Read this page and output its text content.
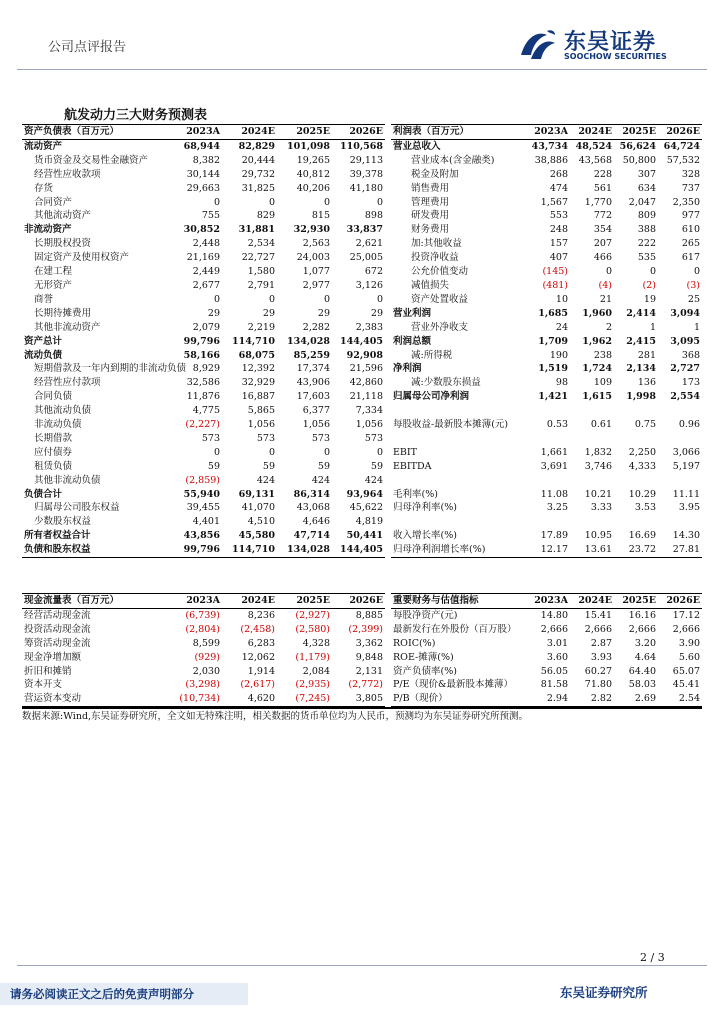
公司点评报告	东吴证券
SOOCHOW SECURITIES
航发动力三大财务预测表
资产负债表（百万元）	2023A	2024E	2025E	2026E
流动资产	68,944	82,829	101,098	110,568
货币资金及交易性金融资产	8,382	20,444	19,265	29,113
经营性应收款项	30,144	29,732	40,812	39,378
存货	29,663	31,825	40,206	41,180
合同资产	0	0	0	0
其他流动资产	755	829	815	898
非流动资产	30,852	31,881	32,930	33,837
长期股权投资	2,448	2,534	2,563	2,621
固定资产及使用权资产	21,169	22,727	24,003	25,005
在建工程	2,449	1,580	1,077	672
无形资产	2,677	2,791	2,977	3,126
商誉	0	0	0	0
长期待摊费用	29	29	29	29
其他非流动资产	2,079	2,219	2,282	2,383
资产总计	99,796	114,710	134,028	144,405
流动负债	58,166	68,075	85,259	92,908
短期借款及一年内到期的非流动负债	8,929	12,392	17,374	21,596
经营性应付款项	32,586	32,929	43,906	42,860
合同负债	11,876	16,887	17,603	21,118
其他流动负债	4,775	5,865	6,377	7,334
非流动负债	(2,227)	1,056	1,056	1,056
长期借款	573	573	573	573
应付债券	0	0	0	0
租赁负债	59	59	59	59
其他非流动负债	(2,859)	424	424	424
负债合计	55,940	69,131	86,314	93,964
归属母公司股东权益	39,455	41,070	43,068	45,622
少数股东权益	4,401	4,510	4,646	4,819
所有者权益合计	43,856	45,580	47,714	50,441
负债和股东权益	99,796	114,710	134,028	144,405
利润表（百万元）	2023A	2024E	2025E	2026E
营业总收入	43,734	48,524	56,624	64,724
营业成本(含金融类)	38,886	43,568	50,800	57,532
税金及附加	268	228	307	328
销售费用	474	561	634	737
管理费用	1,567	1,770	2,047	2,350
研发费用	553	772	809	977
财务费用	248	354	388	610
加:其他收益	157	207	222	265
投资净收益	407	466	535	617
公允价值变动	(145)	0	0	0
减值损失	(481)	(4)	(2)	(3)
资产处置收益	10	21	19	25
营业利润	1,685	1,960	2,414	3,094
营业外净收支	24	2	1	1
利润总额	1,709	1,962	2,415	3,095
减:所得税	190	238	281	368
净利润	1,519	1,724	2,134	2,727
减:少数股东损益	98	109	136	173
归属母公司净利润	1,421	1,615	1,998	2,554

每股收益-最新股本摊薄(元)	0.53	0.61	0.75	0.96

EBIT	1,661	1,832	2,250	3,066
EBITDA	3,691	3,746	4,333	5,197

毛利率(%)	11.08	10.21	10.29	11.11
归母净利率(%)	3.25	3.33	3.53	3.95

收入增长率(%)	17.89	10.95	16.69	14.30
归母净利润增长率(%)	12.17	13.61	23.72	27.81
现金流量表（百万元）	2023A	2024E	2025E	2026E
经营活动现金流	(6,739)	8,236	(2,927)	8,885
投资活动现金流	(2,804)	(2,458)	(2,580)	(2,399)
筹资活动现金流	8,599	6,283	4,328	3,362
现金净增加额	(929)	12,062	(1,179)	9,848
折旧和摊销	2,030	1,914	2,084	2,131
资本开支	(3,298)	(2,617)	(2,935)	(2,772)
营运资本变动	(10,734)	4,620	(7,245)	3,805
重要财务与估值指标	2023A	2024E	2025E	2026E
每股净资产(元)	14.80	15.41	16.16	17.12
最新发行在外股份（百万股）	2,666	2,666	2,666	2,666
ROIC(%)	3.01	2.87	3.20	3.90
ROE-摊薄(%)	3.60	3.93	4.64	5.60
资产负债率(%)	56.05	60.27	64.40	65.07
P/E（现价&最新股本摊薄）	81.58	71.80	58.03	45.41
P/B（现价）	2.94	2.82	2.69	2.54
数据来源:Wind,东吴证券研究所，全文如无特殊注明，相关数据的货币单位均为人民币，预测均为东吴证券研究所预测。
2 / 3
请务必阅读正文之后的免责声明部分	东吴证券研究所
